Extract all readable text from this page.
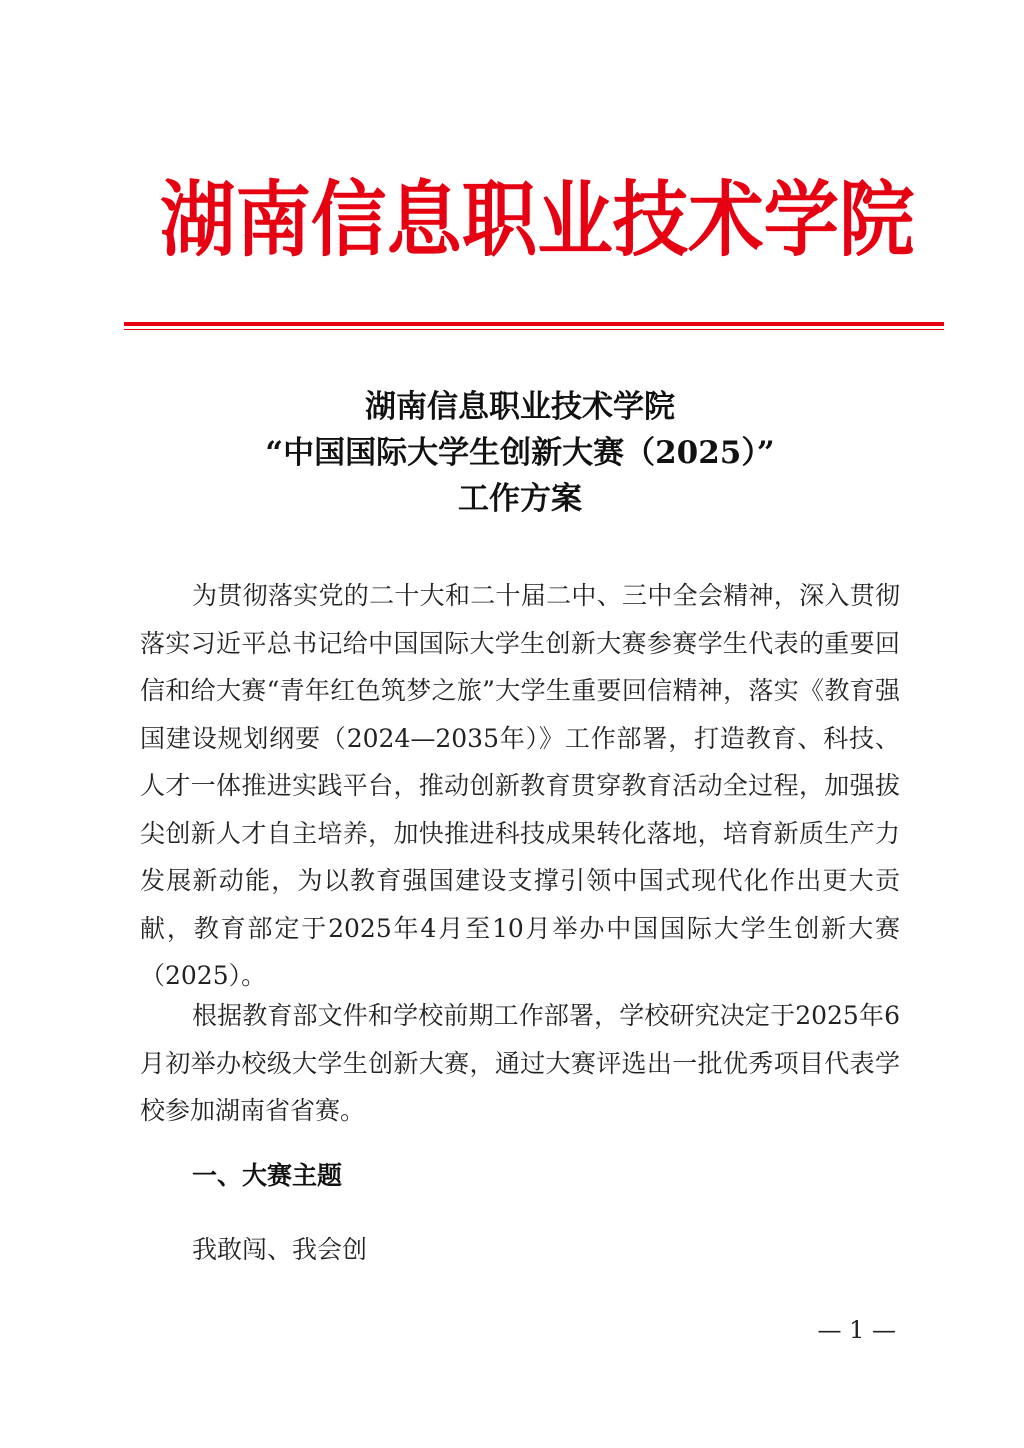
湖南信息职业技术学院
湖南信息职业技术学院
“中国国际大学生创新大赛（2025）”
工作方案

为贯彻落实党的二十大和二十届二中、三中全会精神，深入贯彻落实习近平总书记给中国国际大学生创新大赛参赛学生代表的重要回信和给大赛“青年红色筑梦之旅”大学生重要回信精神，落实《教育强国建设规划纲要（2024—2035年）》工作部署，打造教育、科技、人才一体推进实践平台，推动创新教育贯穿教育活动全过程，加强拔尖创新人才自主培养，加快推进科技成果转化落地，培育新质生产力发展新动能，为以教育强国建设支撑引领中国式现代化作出更大贡献，教育部定于2025年4月至10月举办中国国际大学生创新大赛（2025）。

根据教育部文件和学校前期工作部署，学校研究决定于2025年6月初举办校级大学生创新大赛，通过大赛评选出一批优秀项目代表学校参加湖南省省赛。

一、大赛主题

我敢闯、我会创

— 1 —
